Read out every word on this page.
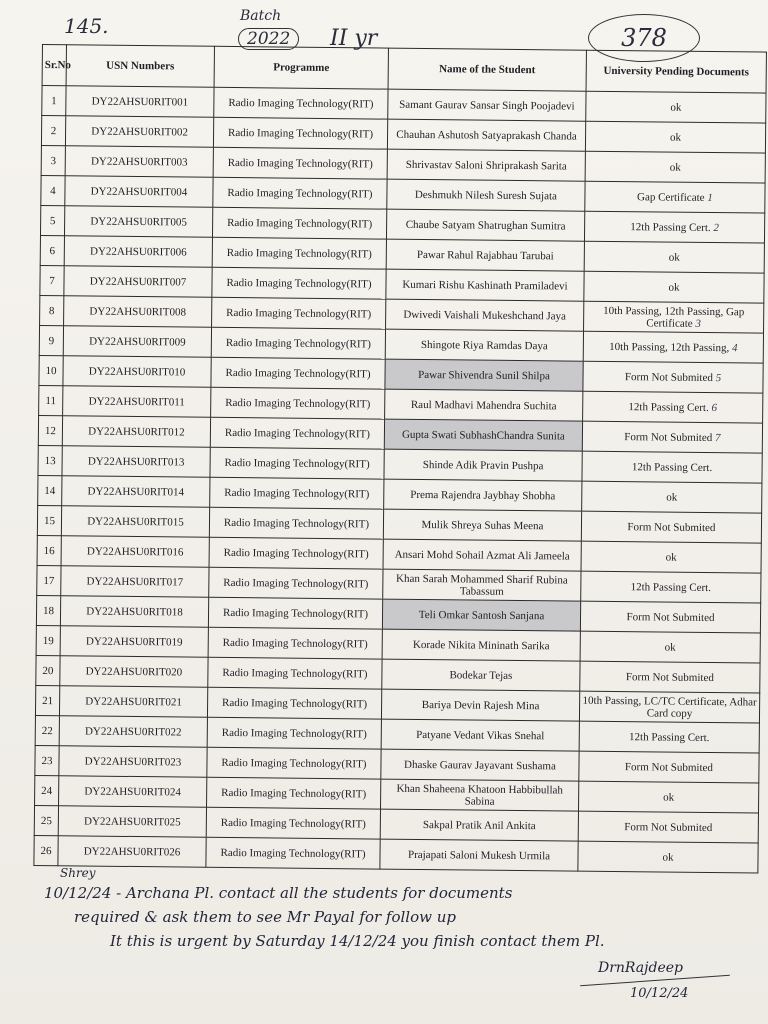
145.	Batch
2022	II yr	378
Sr.No	USN Numbers	Programme	Name of the Student	University Pending Documents
1	DY22AHSU0RIT001	Radio Imaging Technology(RIT)	Samant Gaurav Sansar Singh Poojadevi	ok
2	DY22AHSU0RIT002	Radio Imaging Technology(RIT)	Chauhan Ashutosh Satyaprakash Chanda	ok
3	DY22AHSU0RIT003	Radio Imaging Technology(RIT)	Shrivastav Saloni Shriprakash Sarita	ok
4	DY22AHSU0RIT004	Radio Imaging Technology(RIT)	Deshmukh Nilesh Suresh Sujata	Gap Certificate 1
5	DY22AHSU0RIT005	Radio Imaging Technology(RIT)	Chaube Satyam Shatrughan Sumitra	12th Passing Cert. 2
6	DY22AHSU0RIT006	Radio Imaging Technology(RIT)	Pawar Rahul Rajabhau Tarubai	ok
7	DY22AHSU0RIT007	Radio Imaging Technology(RIT)	Kumari Rishu Kashinath Pramiladevi	ok
8	DY22AHSU0RIT008	Radio Imaging Technology(RIT)	Dwivedi Vaishali Mukeshchand Jaya	10th Passing, 12th Passing, Gap Certificate 3
9	DY22AHSU0RIT009	Radio Imaging Technology(RIT)	Shingote Riya Ramdas Daya	10th Passing, 12th Passing, 4
10	DY22AHSU0RIT010	Radio Imaging Technology(RIT)	Pawar Shivendra Sunil Shilpa	Form Not Submited 5
11	DY22AHSU0RIT011	Radio Imaging Technology(RIT)	Raul Madhavi Mahendra Suchita	12th Passing Cert. 6
12	DY22AHSU0RIT012	Radio Imaging Technology(RIT)	Gupta Swati SubhashChandra Sunita	Form Not Submited 7
13	DY22AHSU0RIT013	Radio Imaging Technology(RIT)	Shinde Adik Pravin Pushpa	12th Passing Cert.
14	DY22AHSU0RIT014	Radio Imaging Technology(RIT)	Prema Rajendra Jaybhay Shobha	ok
15	DY22AHSU0RIT015	Radio Imaging Technology(RIT)	Mulik Shreya Suhas Meena	Form Not Submited
16	DY22AHSU0RIT016	Radio Imaging Technology(RIT)	Ansari Mohd Sohail Azmat Ali Jameela	ok
17	DY22AHSU0RIT017	Radio Imaging Technology(RIT)	Khan Sarah Mohammed Sharif Rubina Tabassum	12th Passing Cert.
18	DY22AHSU0RIT018	Radio Imaging Technology(RIT)	Teli Omkar Santosh Sanjana	Form Not Submited
19	DY22AHSU0RIT019	Radio Imaging Technology(RIT)	Korade Nikita Mininath Sarika	ok
20	DY22AHSU0RIT020	Radio Imaging Technology(RIT)	Bodekar Tejas	Form Not Submited
21	DY22AHSU0RIT021	Radio Imaging Technology(RIT)	Bariya Devin Rajesh Mina	10th Passing, LC/TC Certificate, Adhar Card copy
22	DY22AHSU0RIT022	Radio Imaging Technology(RIT)	Patyane Vedant Vikas Snehal	12th Passing Cert.
23	DY22AHSU0RIT023	Radio Imaging Technology(RIT)	Dhaske Gaurav Jayavant Sushama	Form Not Submited
24	DY22AHSU0RIT024	Radio Imaging Technology(RIT)	Khan Shaheena Khatoon Habbibullah Sabina	ok
25	DY22AHSU0RIT025	Radio Imaging Technology(RIT)	Sakpal Pratik Anil Ankita	Form Not Submited
26	DY22AHSU0RIT026	Radio Imaging Technology(RIT)	Prajapati Saloni Mukesh Urmila	ok
Shrey
10/12/24 - Archana Pl. contact all the students for documents
required & ask them to see Mr Payal for follow up
It this is urgent by Saturday 14/12/24 you finish contact them Pl.
DrnRajdeep
10/12/24
